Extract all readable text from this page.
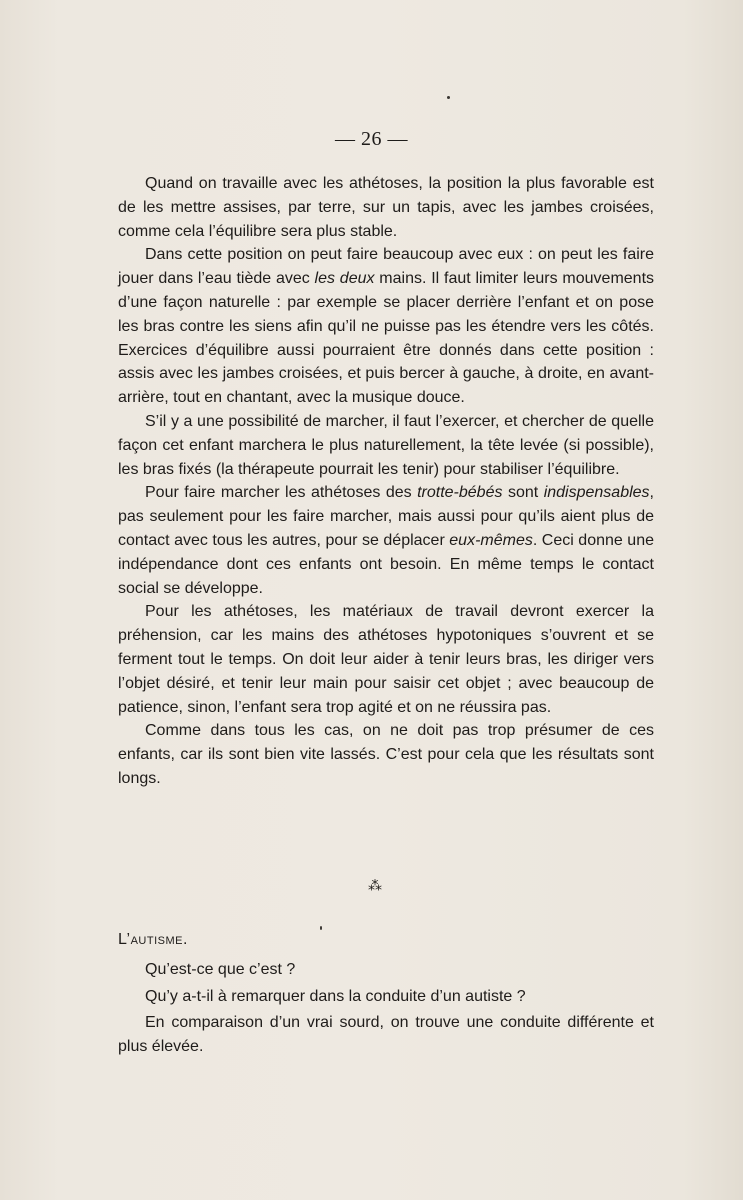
— 26 —

Quand on travaille avec les athétoses, la position la plus favorable est de les mettre assises, par terre, sur un tapis, avec les jambes croisées, comme cela l’équilibre sera plus stable.

Dans cette position on peut faire beaucoup avec eux : on peut les faire jouer dans l’eau tiède avec les deux mains. Il faut limiter leurs mouvements d’une façon naturelle : par exemple se placer derrière l’enfant et on pose les bras contre les siens afin qu’il ne puisse pas les étendre vers les côtés. Exercices d’équilibre aussi pourraient être donnés dans cette position : assis avec les jambes croisées, et puis bercer à gauche, à droite, en avant-arrière, tout en chantant, avec la musique douce.

S’il y a une possibilité de marcher, il faut l’exercer, et chercher de quelle façon cet enfant marchera le plus naturellement, la tête levée (si possible), les bras fixés (la thérapeute pourrait les tenir) pour stabiliser l’équilibre.

Pour faire marcher les athétoses des trotte-bébés sont indispensables, pas seulement pour les faire marcher, mais aussi pour qu’ils aient plus de contact avec tous les autres, pour se déplacer eux-mêmes. Ceci donne une indépendance dont ces enfants ont besoin. En même temps le contact social se développe.

Pour les athétoses, les matériaux de travail devront exercer la préhension, car les mains des athétoses hypotoniques s’ouvrent et se ferment tout le temps. On doit leur aider à tenir leurs bras, les diriger vers l’objet désiré, et tenir leur main pour saisir cet objet ; avec beaucoup de patience, sinon, l’enfant sera trop agité et on ne réussira pas.

Comme dans tous les cas, on ne doit pas trop présumer de ces enfants, car ils sont bien vite lassés. C’est pour cela que les résultats sont longs.

⁂
L’autisme.

Qu’est-ce que c’est ?

Qu’y a-t-il à remarquer dans la conduite d’un autiste ?

En comparaison d’un vrai sourd, on trouve une conduite différente et plus élevée.
